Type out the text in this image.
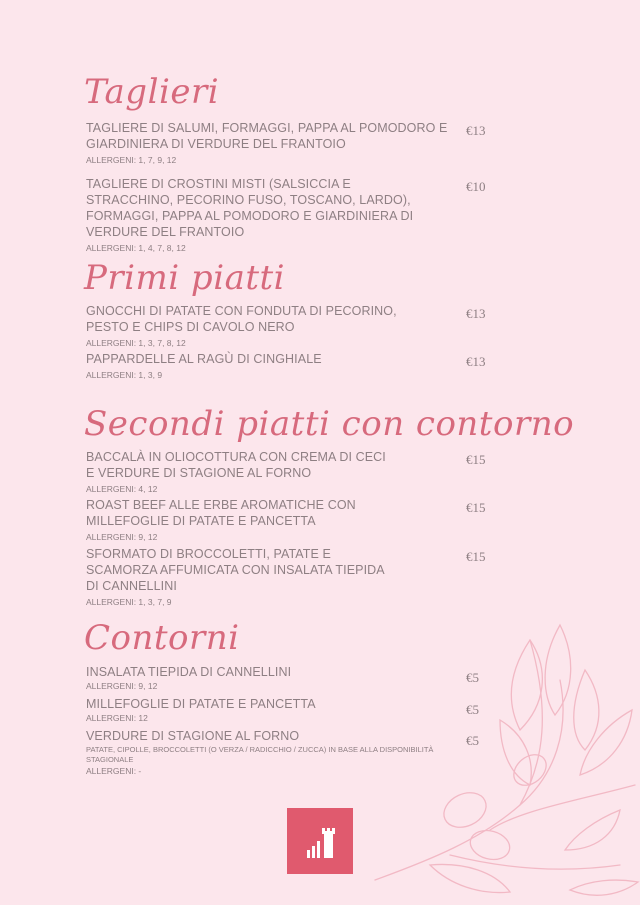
Taglieri
TAGLIERE DI SALUMI, FORMAGGI, PAPPA AL POMODORO E GIARDINIERA DI VERDURE DEL FRANTOIO
ALLERGENI: 1, 7, 9, 12
€13
TAGLIERE DI CROSTINI MISTI (SALSICCIA E STRACCHINO, PECORINO FUSO, TOSCANO, LARDO), FORMAGGI, PAPPA AL POMODORO E GIARDINIERA DI VERDURE DEL FRANTOIO
ALLERGENI: 1, 4, 7, 8, 12
€10
Primi piatti
GNOCCHI DI PATATE CON FONDUTA DI PECORINO, PESTO E CHIPS DI CAVOLO NERO
ALLERGENI: 1, 3, 7, 8, 12
€13
PAPPARDELLE AL RAGÙ DI CINGHIALE
ALLERGENI: 1, 3, 9
€13
Secondi piatti con contorno
BACCALÀ IN OLIOCOTTURA CON CREMA DI CECI E VERDURE DI STAGIONE AL FORNO
ALLERGENI: 4, 12
€15
ROAST BEEF ALLE ERBE AROMATICHE CON MILLEFOGLIE DI PATATE E PANCETTA
ALLERGENI: 9, 12
€15
SFORMATO DI BROCCOLETTI, PATATE E SCAMORZA AFFUMICATA CON INSALATA TIEPIDA DI CANNELLINI
ALLERGENI: 1, 3, 7, 9
€15
Contorni
INSALATA TIEPIDA DI CANNELLINI
ALLERGENI: 9, 12
€5
MILLEFOGLIE DI PATATE E PANCETTA
ALLERGENI: 12
€5
VERDURE DI STAGIONE AL FORNO
PATATE, CIPOLLE, BROCCOLETTI (O VERZA / RADICCHIO / ZUCCA) IN BASE ALLA DISPONIBILITÀ STAGIONALE
ALLERGENI: -
€5
